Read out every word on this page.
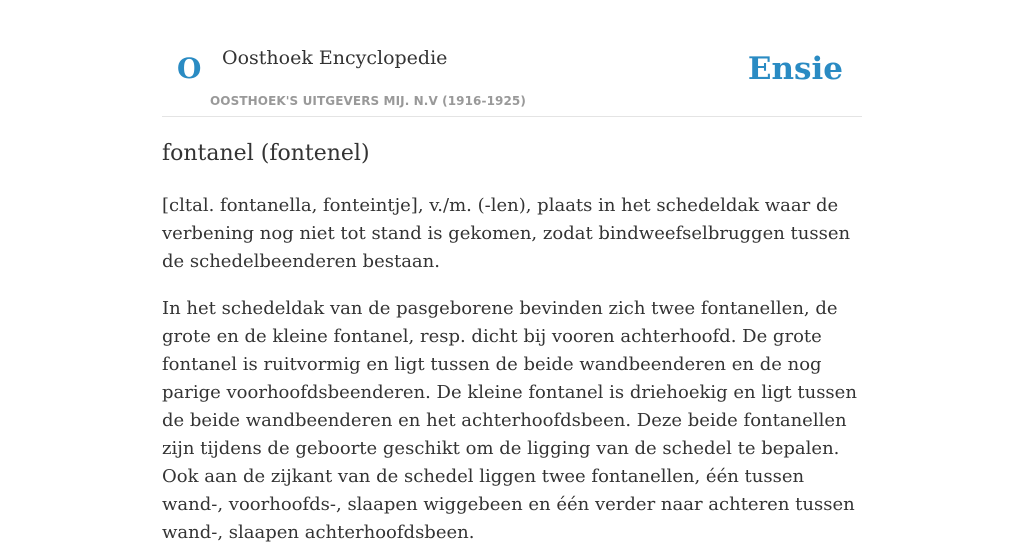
O Oosthoek Encyclopedie
OOSTHOEK'S UITGEVERS MIJ. N.V (1916-1925)
Ensie
fontanel (fontenel)

[cltal. fontanella, fonteintje], v./m. (-len), plaats in het schedeldak waar de verbening nog niet tot stand is gekomen, zodat bindweefselbruggen tussen de schedelbeenderen bestaan.

In het schedeldak van de pasgeborene bevinden zich twee fontanellen, de grote en de kleine fontanel, resp. dicht bij vooren achterhoofd. De grote fontanel is ruitvormig en ligt tussen de beide wandbeenderen en de nog parige voorhoofdsbeenderen. De kleine fontanel is driehoekig en ligt tussen de beide wandbeenderen en het achterhoofdsbeen. Deze beide fontanellen zijn tijdens de geboorte geschikt om de ligging van de schedel te bepalen. Ook aan de zijkant van de schedel liggen twee fontanellen, één tussen wand-, voorhoofds-, slaapen wiggebeen en één verder naar achteren tussen wand-, slaapen achterhoofdsbeen.
